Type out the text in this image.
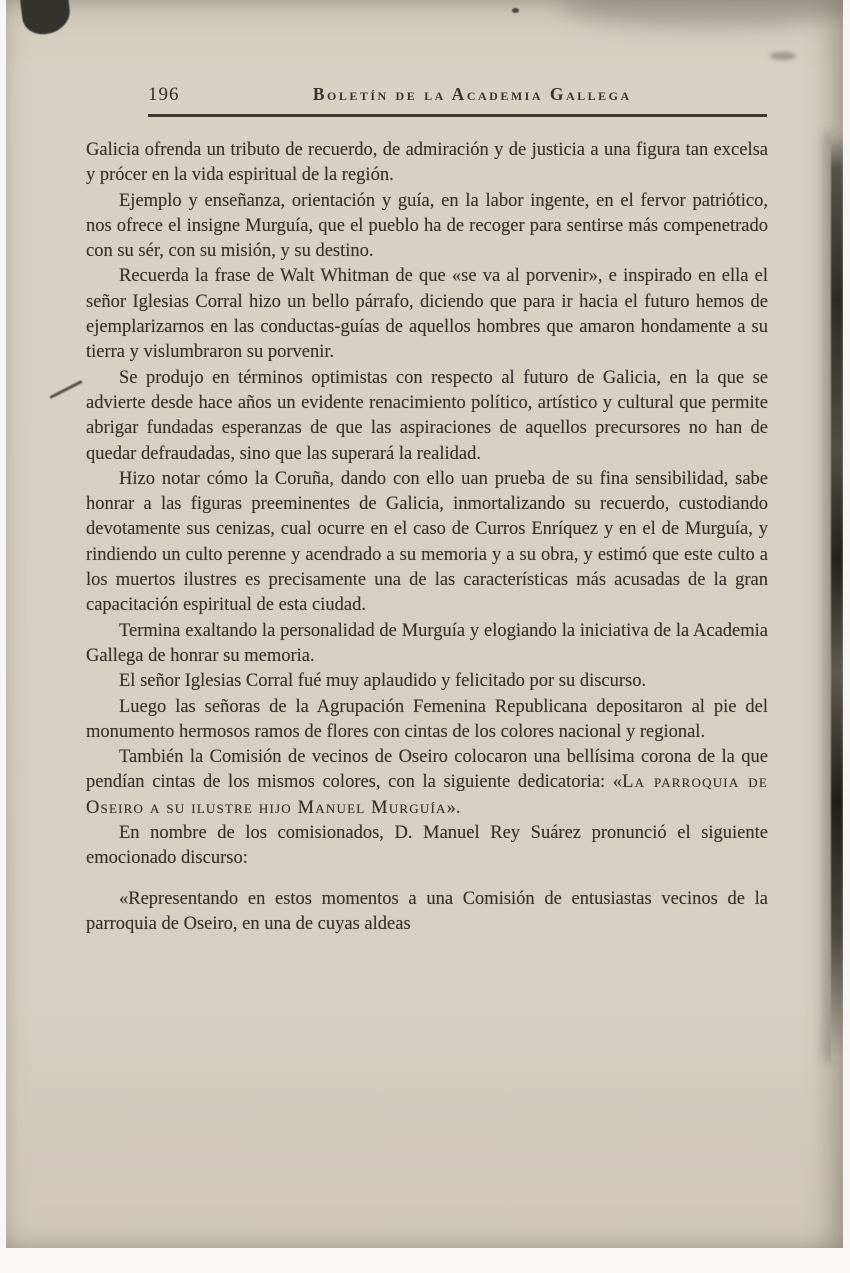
196	Boletín de la Academia Gallega

Galicia ofrenda un tributo de recuerdo, de admiración y de justicia a una figura tan excelsa y prócer en la vida espiritual de la región.

Ejemplo y enseñanza, orientación y guía, en la labor ingente, en el fervor patriótico, nos ofrece el insigne Murguía, que el pueblo ha de recoger para sentirse más compenetrado con su sér, con su misión, y su destino.

Recuerda la frase de Walt Whitman de que «se va al porvenir», e inspirado en ella el señor Iglesias Corral hizo un bello párrafo, diciendo que para ir hacia el futuro hemos de ejemplarizarnos en las conductas-guías de aquellos hombres que amaron hondamente a su tierra y vislumbraron su porvenir.

Se produjo en términos optimistas con respecto al futuro de Galicia, en la que se advierte desde hace años un evidente renacimiento político, artístico y cultural que permite abrigar fundadas esperanzas de que las aspiraciones de aquellos precursores no han de quedar defraudadas, sino que las superará la realidad.

Hizo notar cómo la Coruña, dando con ello uan prueba de su fina sensibilidad, sabe honrar a las figuras preeminentes de Galicia, inmortalizando su recuerdo, custodiando devotamente sus cenizas, cual ocurre en el caso de Curros Enríquez y en el de Murguía, y rindiendo un culto perenne y acendrado a su memoria y a su obra, y estimó que este culto a los muertos ilustres es precisamente una de las características más acusadas de la gran capacitación espiritual de esta ciudad.

Termina exaltando la personalidad de Murguía y elogiando la iniciativa de la Academia Gallega de honrar su memoria.

El señor Iglesias Corral fué muy aplaudido y felicitado por su discurso.

Luego las señoras de la Agrupación Femenina Republicana depositaron al pie del monumento hermosos ramos de flores con cintas de los colores nacional y regional.

También la Comisión de vecinos de Oseiro colocaron una bellísima corona de la que pendían cintas de los mismos colores, con la siguiente dedicatoria: «La parroquia de Oseiro a su ilustre hijo Manuel Murguía».

En nombre de los comisionados, D. Manuel Rey Suárez pronunció el siguiente emocionado discurso:

«Representando en estos momentos a una Comisión de entusiastas vecinos de la parroquia de Oseiro, en una de cuyas aldeas
